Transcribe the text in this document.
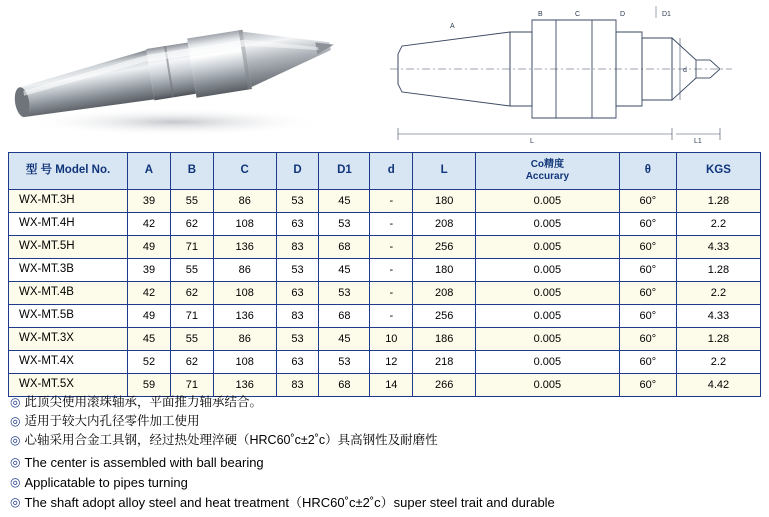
L	L1
d
D1
D
C
B
A
型 号 Model No.	A	B	C	D	D1	d	L	Co精度
Accurary	θ	KGS
WX-MT.3H	39	55	86	53	45	-	180	0.005	60°	1.28
WX-MT.4H	42	62	108	63	53	-	208	0.005	60°	2.2
WX-MT.5H	49	71	136	83	68	-	256	0.005	60°	4.33
WX-MT.3B	39	55	86	53	45	-	180	0.005	60°	1.28
WX-MT.4B	42	62	108	63	53	-	208	0.005	60°	2.2
WX-MT.5B	49	71	136	83	68	-	256	0.005	60°	4.33
WX-MT.3X	45	55	86	53	45	10	186	0.005	60°	1.28
WX-MT.4X	52	62	108	63	53	12	218	0.005	60°	2.2
WX-MT.5X	59	71	136	83	68	14	266	0.005	60°	4.42
◎ 此顶尖使用滚珠轴承，平面推力轴承结合。
◎ 适用于较大内孔径零件加工使用
◎ 心轴采用合金工具钢，经过热处理淬硬（HRC60˚c±2˚c）具高钢性及耐磨性
◎ The center is assembled with ball bearing
◎ Applicatable to pipes turning
◎ The shaft adopt alloy steel and heat treatment（HRC60˚c±2˚c）super steel trait and durable
